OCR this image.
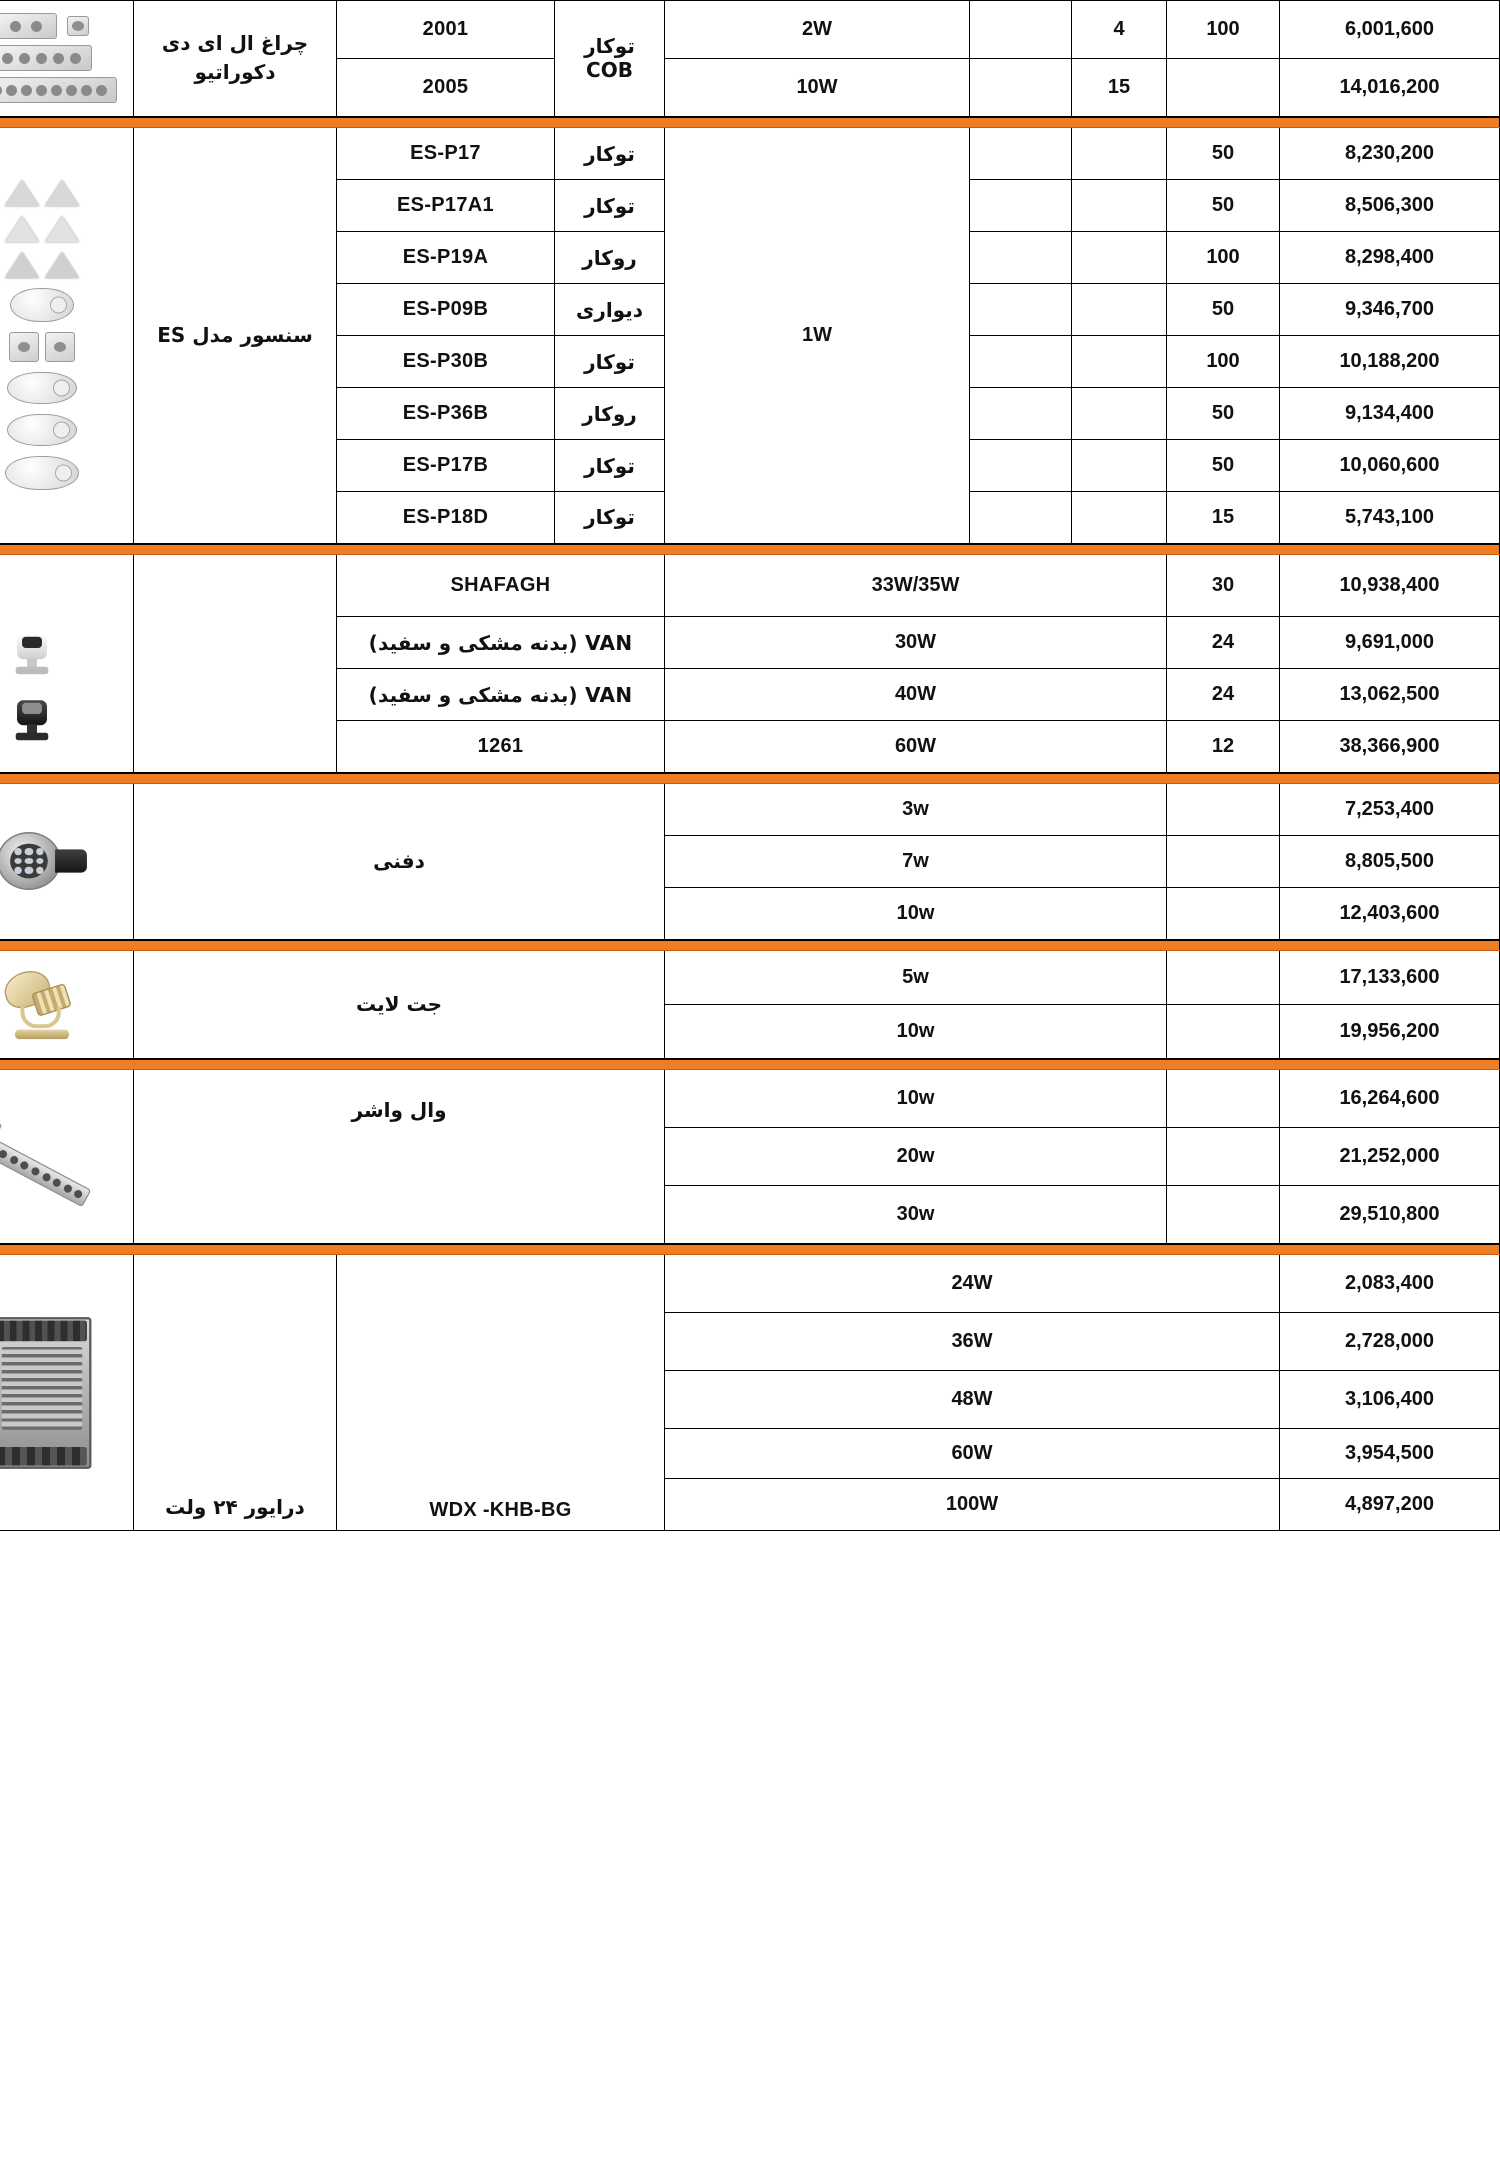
6,001,600	100	4		2W	توکار COB	2001	چراغ ال ای دی دکوراتیو	

14,016,200		15		10W		2005		

8,230,200	50			1W	توکار	ES-P17	سنسور مدل ES	

8,506,300	50				توکار	ES-P17A1		
8,298,400	100				روکار	ES-P19A		
9,346,700	50				دیواری	ES-P09B		
10,188,200	100				توکار	ES-P30B		
9,134,400	50				روکار	ES-P36B		
10,060,600	50				توکار	ES-P17B		
5,743,100	15				توکار	ES-P18D		

10,938,400	30	33W/35W			SHAFAGH			

9,691,000	24	30W			VAN (بدنه مشکی و سفید)			
13,062,500	24	40W			VAN (بدنه مشکی و سفید)			
38,366,900	12	60W			1261			

7,253,400		3w			دفنی			

8,805,500		7w						
12,403,600		10w						

17,133,600		5w			جت لایت			

19,956,200		10w						

16,264,600		10w			وال واشر			

21,252,000		20w						
29,510,800		30w						

2,083,400	24W				WDX -KHB-BG		درایور ۲۴ ولت	

2,728,000	36W							
3,106,400	48W							
3,954,500	60W							
4,897,200	100W							
